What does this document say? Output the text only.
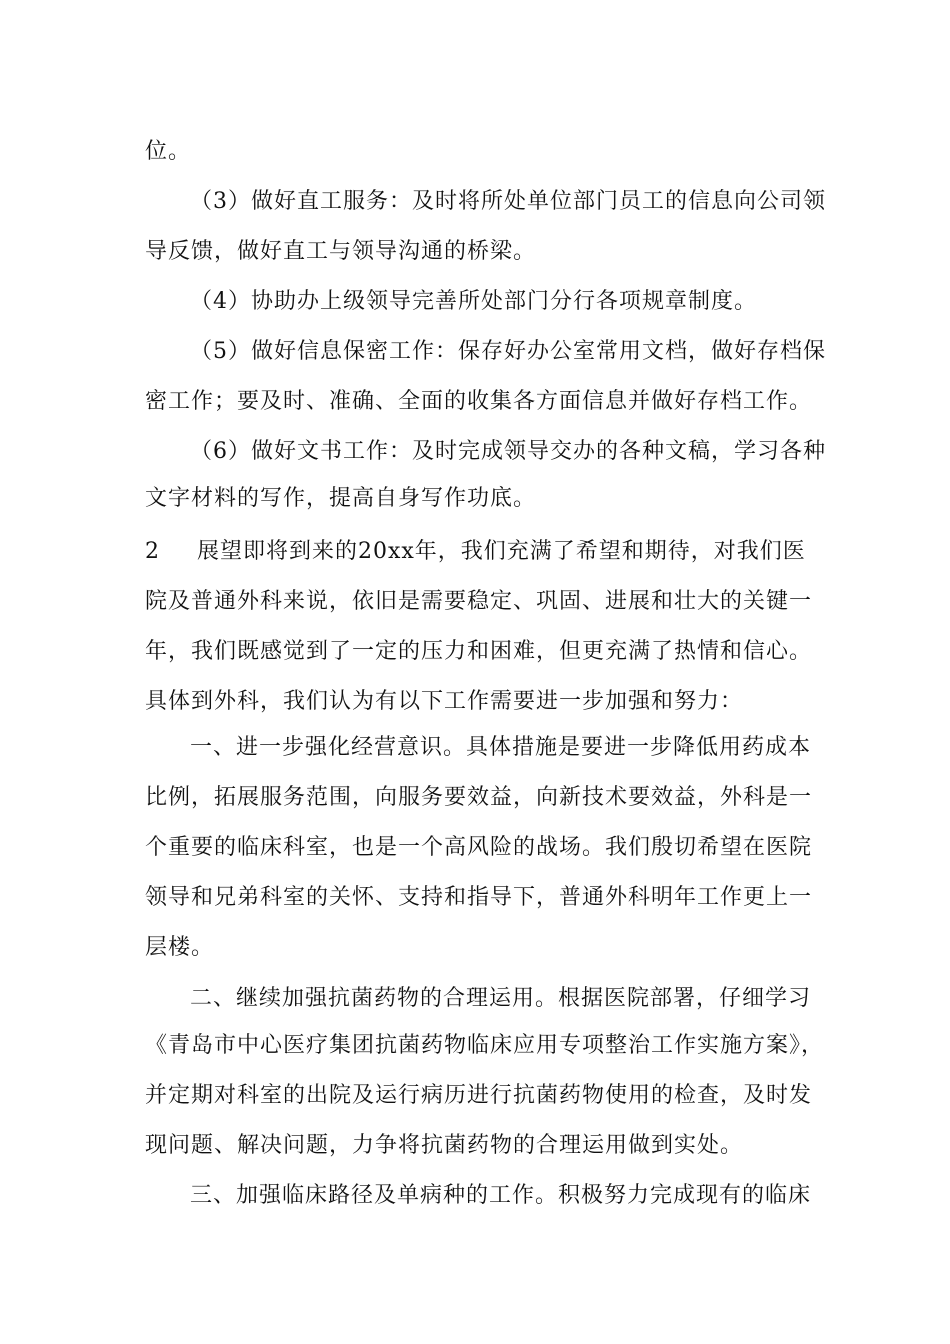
位。
（3）做好直工服务：及时将所处单位部门员工的信息向公司领
导反馈，做好直工与领导沟通的桥梁。
（4）协助办上级领导完善所处部门分行各项规章制度。
（5）做好信息保密工作：保存好办公室常用文档，做好存档保
密工作；要及时、准确、全面的收集各方面信息并做好存档工作。
（6）做好文书工作：及时完成领导交办的各种文稿，学习各种
文字材料的写作，提高自身写作功底。
2 展望即将到来的20xx年，我们充满了希望和期待，对我们医
院及普通外科来说，依旧是需要稳定、巩固、进展和壮大的关键一
年，我们既感觉到了一定的压力和困难，但更充满了热情和信心。
具体到外科，我们认为有以下工作需要进一步加强和努力：
一、进一步强化经营意识。具体措施是要进一步降低用药成本
比例，拓展服务范围，向服务要效益，向新技术要效益，外科是一
个重要的临床科室，也是一个高风险的战场。我们殷切希望在医院
领导和兄弟科室的关怀、支持和指导下，普通外科明年工作更上一
层楼。
二、继续加强抗菌药物的合理运用。根据医院部署，仔细学习
《青岛市中心医疗集团抗菌药物临床应用专项整治工作实施方案》，
并定期对科室的出院及运行病历进行抗菌药物使用的检查，及时发
现问题、解决问题，力争将抗菌药物的合理运用做到实处。
三、加强临床路径及单病种的工作。积极努力完成现有的临床
